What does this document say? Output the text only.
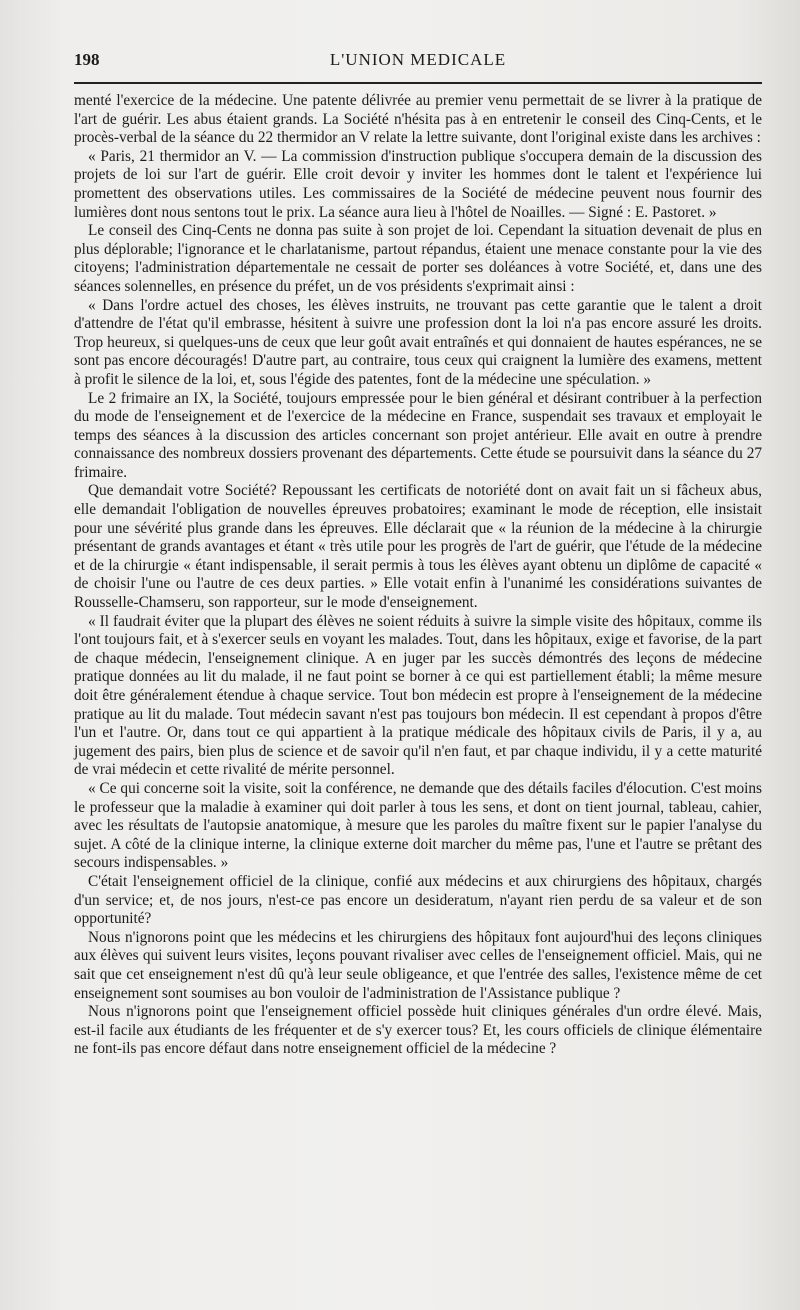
198	L'UNION MEDICALE

menté l'exercice de la médecine. Une patente délivrée au premier venu permettait de se livrer à la pratique de l'art de guérir. Les abus étaient grands. La Société n'hésita pas à en entretenir le conseil des Cinq-Cents, et le procès-verbal de la séance du 22 thermidor an V relate la lettre suivante, dont l'original existe dans les archives :

« Paris, 21 thermidor an V. — La commission d'instruction publique s'occupera demain de la discussion des projets de loi sur l'art de guérir. Elle croit devoir y inviter les hommes dont le talent et l'expérience lui promettent des observations utiles. Les commissaires de la Société de médecine peuvent nous fournir des lumières dont nous sentons tout le prix. La séance aura lieu à l'hôtel de Noailles. — Signé : E. Pastoret. »

Le conseil des Cinq-Cents ne donna pas suite à son projet de loi. Cependant la situation devenait de plus en plus déplorable; l'ignorance et le charlatanisme, partout répandus, étaient une menace constante pour la vie des citoyens; l'administration départementale ne cessait de porter ses doléances à votre Société, et, dans une des séances solennelles, en présence du préfet, un de vos présidents s'exprimait ainsi :

« Dans l'ordre actuel des choses, les élèves instruits, ne trouvant pas cette garantie que le talent a droit d'attendre de l'état qu'il embrasse, hésitent à suivre une profession dont la loi n'a pas encore assuré les droits. Trop heureux, si quelques-uns de ceux que leur goût avait entraînés et qui donnaient de hautes espérances, ne se sont pas encore découragés! D'autre part, au contraire, tous ceux qui craignent la lumière des examens, mettent à profit le silence de la loi, et, sous l'égide des patentes, font de la médecine une spéculation. »

Le 2 frimaire an IX, la Société, toujours empressée pour le bien général et désirant contribuer à la perfection du mode de l'enseignement et de l'exercice de la médecine en France, suspendait ses travaux et employait le temps des séances à la discussion des articles concernant son projet antérieur. Elle avait en outre à prendre connaissance des nombreux dossiers provenant des départements. Cette étude se poursuivit dans la séance du 27 frimaire.

Que demandait votre Société? Repoussant les certificats de notoriété dont on avait fait un si fâcheux abus, elle demandait l'obligation de nouvelles épreuves probatoires; examinant le mode de réception, elle insistait pour une sévérité plus grande dans les épreuves. Elle déclarait que « la réunion de la médecine à la chirurgie présentant de grands avantages et étant « très utile pour les progrès de l'art de guérir, que l'étude de la médecine et de la chirurgie « étant indispensable, il serait permis à tous les élèves ayant obtenu un diplôme de capacité « de choisir l'une ou l'autre de ces deux parties. » Elle votait enfin à l'unanimé les considérations suivantes de Rousselle-Chamseru, son rapporteur, sur le mode d'enseignement.

« Il faudrait éviter que la plupart des élèves ne soient réduits à suivre la simple visite des hôpitaux, comme ils l'ont toujours fait, et à s'exercer seuls en voyant les malades. Tout, dans les hôpitaux, exige et favorise, de la part de chaque médecin, l'enseignement clinique. A en juger par les succès démontrés des leçons de médecine pratique données au lit du malade, il ne faut point se borner à ce qui est partiellement établi; la même mesure doit être généralement étendue à chaque service. Tout bon médecin est propre à l'enseignement de la médecine pratique au lit du malade. Tout médecin savant n'est pas toujours bon médecin. Il est cependant à propos d'être l'un et l'autre. Or, dans tout ce qui appartient à la pratique médicale des hôpitaux civils de Paris, il y a, au jugement des pairs, bien plus de science et de savoir qu'il n'en faut, et par chaque individu, il y a cette maturité de vrai médecin et cette rivalité de mérite personnel.

« Ce qui concerne soit la visite, soit la conférence, ne demande que des détails faciles d'élocution. C'est moins le professeur que la maladie à examiner qui doit parler à tous les sens, et dont on tient journal, tableau, cahier, avec les résultats de l'autopsie anatomique, à mesure que les paroles du maître fixent sur le papier l'analyse du sujet. A côté de la clinique interne, la clinique externe doit marcher du même pas, l'une et l'autre se prêtant des secours indispensables. »

C'était l'enseignement officiel de la clinique, confié aux médecins et aux chirurgiens des hôpitaux, chargés d'un service; et, de nos jours, n'est-ce pas encore un desideratum, n'ayant rien perdu de sa valeur et de son opportunité?

Nous n'ignorons point que les médecins et les chirurgiens des hôpitaux font aujourd'hui des leçons cliniques aux élèves qui suivent leurs visites, leçons pouvant rivaliser avec celles de l'enseignement officiel. Mais, qui ne sait que cet enseignement n'est dû qu'à leur seule obligeance, et que l'entrée des salles, l'existence même de cet enseignement sont soumises au bon vouloir de l'administration de l'Assistance publique ?

Nous n'ignorons point que l'enseignement officiel possède huit cliniques générales d'un ordre élevé. Mais, est-il facile aux étudiants de les fréquenter et de s'y exercer tous? Et, les cours officiels de clinique élémentaire ne font-ils pas encore défaut dans notre enseignement officiel de la médecine ?
